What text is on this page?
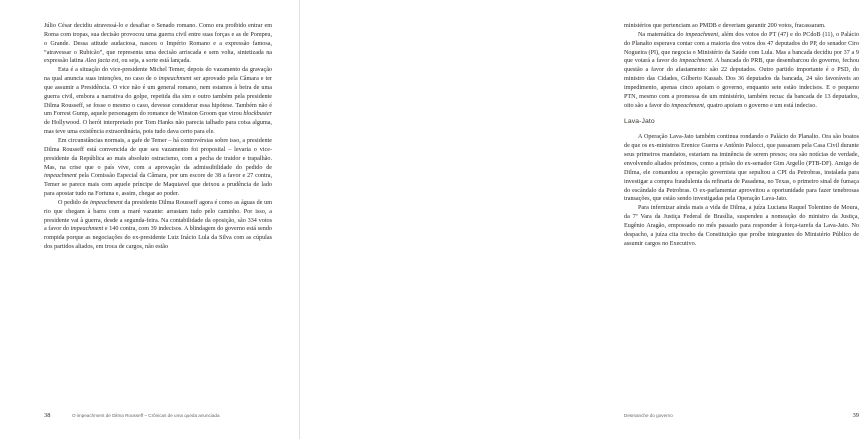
Júlio César decidiu atravessá-lo e desafiar o Senado romano. Como era proibido entrar em Roma com tropas, sua decisão provocou uma guerra civil entre suas forças e as de Pompeu, o Grande. Dessa atitude audaciosa, nasceu o Império Romano e a expressão famosa, “atravessar o Rubicão”, que representa uma decisão arriscada e sem volta, sintetizada na expressão latina Alea jacta est, ou seja, a sorte está lançada.

Esta é a situação do vice-presidente Michel Temer, depois do vazamento da gravação na qual anuncia suas intenções, no caso de o impeachment ser aprovado pela Câmara e ter que assumir a Presidência. O vice não é um general romano, nem estamos à beira de uma guerra civil, embora a narrativa do golpe, repetida dia sim e outro também pela presidente Dilma Rousseff, se fosse o mesmo o caso, devesse considerar essa hipótese. Também não é um Forrest Gump, aquele personagem do romance de Winston Groom que virou blockbuster de Hollywood. O herói interpretado por Tom Hanks não parecia talhado para coisa alguma, mas teve uma existência extraordinária, pois tudo dava certo para ele.

Em circunstâncias normais, a gafe de Temer – há controvérsias sobre isso, a presidente Dilma Rousseff está convencida de que seu vazamento foi proposital – levaria o vice-presidente da República ao mais absoluto ostracismo, com a pecha de traidor e trapalhão. Mas, na crise que o país vive, com a aprovação da admissibilidade do pedido de impeachment pela Comissão Especial da Câmara, por um escore de 38 a favor e 27 contra, Temer se parece mais com aquele príncipe de Maquiavel que deixou a prudência de lado para apostar tudo na Fortuna e, assim, chegar ao poder.

O pedido de impeachment da presidente Dilma Rousseff agora é como as águas de um rio que chegam à barra com a maré vazante: arrastam tudo pelo caminho. Por isso, a presidente vai à guerra, desde a segunda-feira. Na contabilidade da oposição, são 334 votos a favor do impeachment e 140 contra, com 39 indecisos. A blindagem do governo está sendo rompida porque as negociações do ex-presidente Luiz Inácio Lula da Silva com as cúpulas dos partidos aliados, em troca de cargos, não estão

38	O impeachment de Dilma Rousseff – Crônicas de uma queda anunciada

ministérios que pertenciam ao PMDB e deveriam garantir 200 votos, fracassaram.

Na matemática do impeachment, além dos votos do PT (47) e do PCdoB (11), o Palácio do Planalto esperava contar com a maioria dos votos dos 47 deputados do PP, do senador Ciro Nogueira (PI), que negocia o Ministério da Saúde com Lula. Mas a bancada decidiu por 37 a 9 que votará a favor do impeachment. A bancada do PRB, que desembarcou do governo, fechou questão a favor do afastamento: são 22 deputados. Outro partido importante é o PSD, do ministro das Cidades, Gilberto Kassab. Dos 36 deputados da bancada, 24 são favoráveis ao impedimento, apenas cinco apoiam o governo, enquanto sete estão indecisos. E o pequeno PTN, mesmo com a promessa de um ministério, também recua: da bancada de 13 deputados, oito são a favor do impeachment, quatro apoiam o governo e um está indeciso.

Lava-Jato

A Operação Lava-Jato também continua rondando o Palácio do Planalto. Ora são boatos de que os ex-ministros Erenice Guerra e Antônio Palocci, que passaram pela Casa Civil durante seus primeiros mandatos, estariam na iminência de serem presos; ora são notícias de verdade, envolvendo aliados próximos, como a prisão do ex-senador Gim Argello (PTB-DF). Amigo de Dilma, ele comandou a operação governista que sepultou a CPI da Petrobras, instalada para investigar a compra fraudulenta da refinaria de Pasadena, no Texas, o primeiro sinal de fumaça do escândalo da Petrobras. O ex-parlamentar aproveitou a oportunidade para fazer tenebrosas transações, que estão sendo investigadas pela Operação Lava-Jato.

Para infernizar ainda mais a vida de Dilma, a juíza Luciana Raquel Tolentino de Moura, da 7ª Vara da Justiça Federal de Brasília, suspendeu a nomeação do ministro da Justiça, Eugênio Aragão, empossado no mês passado para responder à força-tarefa da Lava-Jato. No despacho, a juíza cita trecho da Constituição que proíbe integrantes do Ministério Público de assumir cargos no Executivo.

Desmanche do governo	39
